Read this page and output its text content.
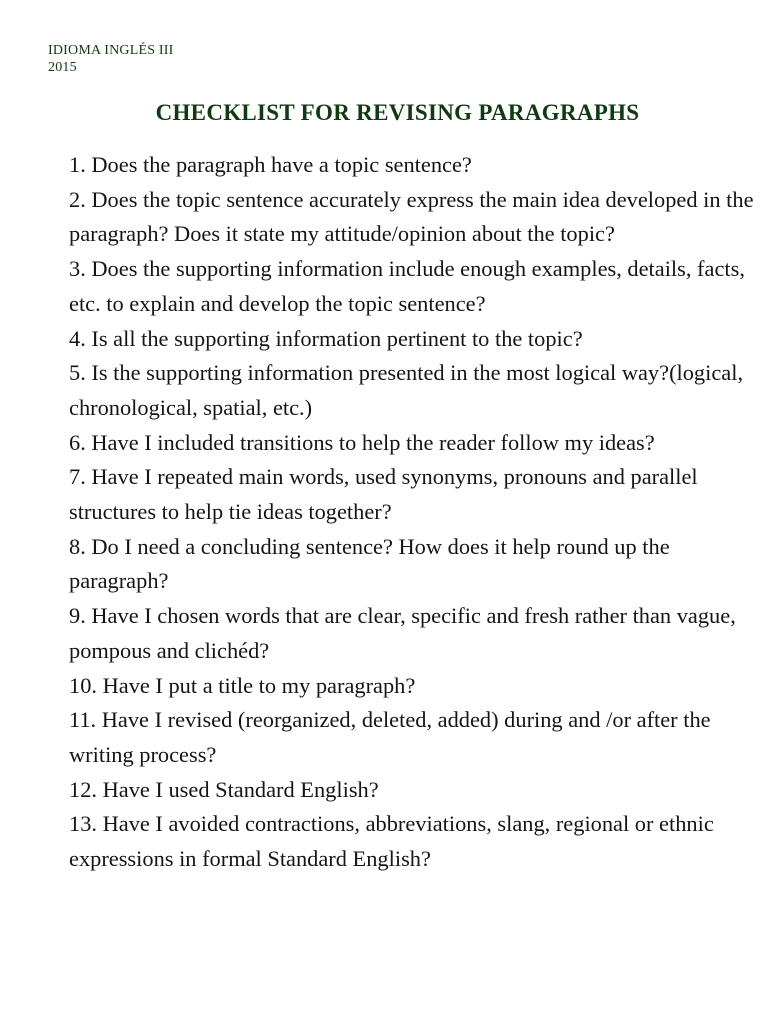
IDIOMA INGLÉS III
2015
CHECKLIST FOR REVISING PARAGRAPHS
1. Does the paragraph have a topic sentence?
2. Does the topic sentence accurately express the main idea developed in the paragraph? Does it state my attitude/opinion about the topic?
3. Does the supporting information include enough examples, details, facts, etc. to explain and develop the topic sentence?
4. Is all the supporting information pertinent to the topic?
5. Is the supporting information presented in the most logical way?(logical, chronological, spatial, etc.)
6. Have I included transitions to help the reader follow my ideas?
7. Have I repeated main words, used synonyms, pronouns and parallel structures to help tie ideas together?
8. Do I need a concluding sentence? How does it help round up the paragraph?
9. Have I chosen words that are clear, specific and fresh rather than vague, pompous and clichéd?
10. Have I put a title to my paragraph?
11. Have I revised (reorganized, deleted, added) during and /or after the writing process?
12. Have I used Standard English?
13. Have I avoided contractions, abbreviations, slang, regional or ethnic expressions in formal Standard English?
